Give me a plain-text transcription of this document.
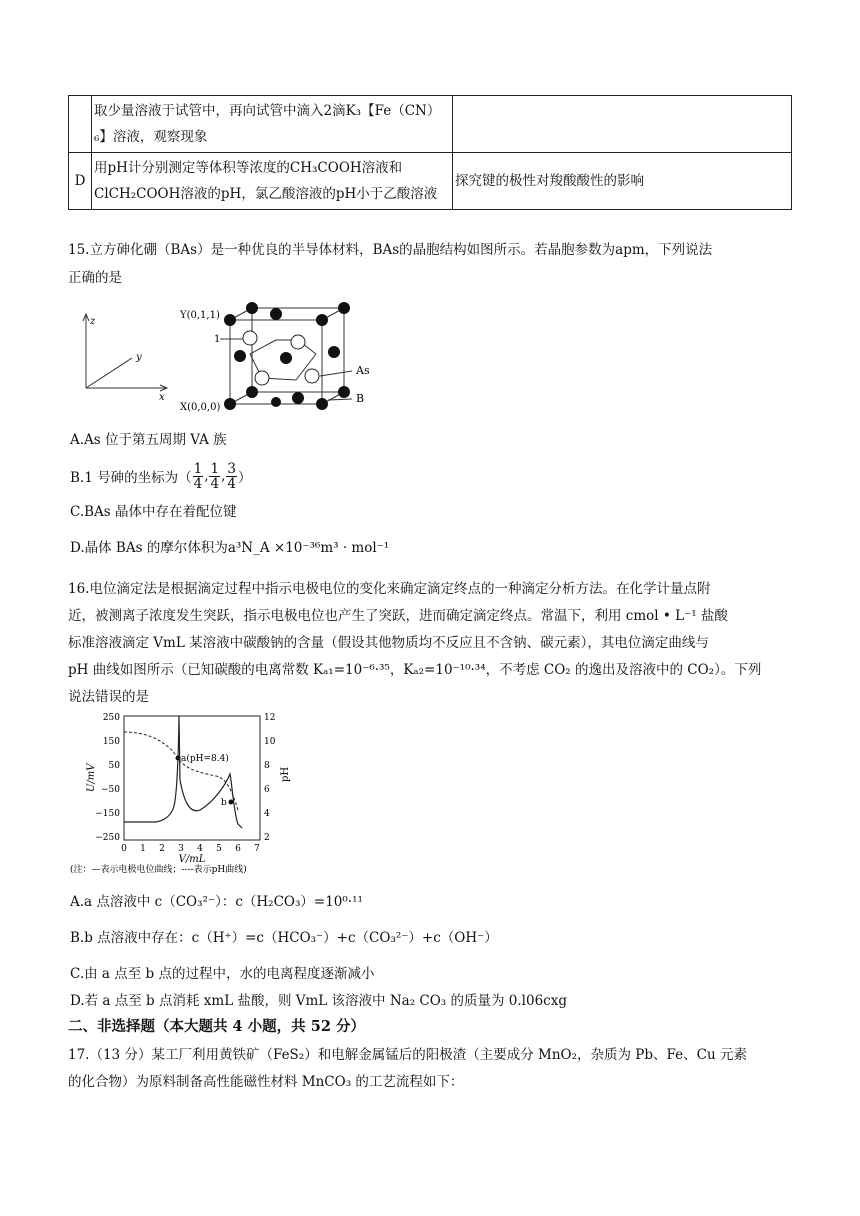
	取少量溶液于试管中，再向试管中滴入2滴K₃【Fe（CN）₆】溶液，观察现象	
D	用pH计分别测定等体积等浓度的CH₃COOH溶液和ClCH₂COOH溶液的pH，氯乙酸溶液的pH小于乙酸溶液	探究键的极性对羧酸酸性的影响

15.立方砷化硼（BAs）是一种优良的半导体材料，BAs的晶胞结构如图所示。若晶胞参数为apm，下列说法

正确的是

z
y
x
Y(0,1,1)
1
X(0,0,0)
As
B

A.As 位于第五周期 VA 族

B.1 号砷的坐标为（ $\frac{1}{4}$ , $\frac{1}{4}$ , $\frac{3}{4}$ ）

C.BAs 晶体中存在着配位键

D.晶体 BAs 的摩尔体积为a³N_A ×10⁻³⁶m³ · mol⁻¹

16.电位滴定法是根据滴定过程中指示电极电位的变化来确定滴定终点的一种滴定分析方法。在化学计量点附

近，被测离子浓度发生突跃，指示电极电位也产生了突跃，进而确定滴定终点。常温下，利用 cmol • L⁻¹ 盐酸

标准溶液滴定 VmL 某溶液中碳酸钠的含量（假设其他物质均不反应且不含钠、碳元素），其电位滴定曲线与

pH 曲线如图所示（已知碳酸的电离常数 Kₐ₁=10⁻⁶·³⁵，Kₐ₂=10⁻¹⁰·³⁴，不考虑 CO₂ 的逸出及溶液中的 CO₂）。下列

说法错误的是

250
150
50
−50
−150
−250
12
10
8
6
4
2
0 1 2 3 4 5 6 7
U/mV	pH
V/mL
a(pH=8.4)
b
(注：—表示电极电位曲线；----表示pH曲线)

A.a 点溶液中 c（CO₃²⁻）：c（H₂CO₃）=10⁰·¹¹

B.b 点溶液中存在：c（H⁺）=c（HCO₃⁻）+c（CO₃²⁻）+c（OH⁻）

C.由 a 点至 b 点的过程中，水的电离程度逐渐减小

D.若 a 点至 b 点消耗 xmL 盐酸，则 VmL 该溶液中 Na₂ CO₃ 的质量为 0.l06cxg

二、非选择题（本大题共 4 小题，共 52 分）

17.（13 分）某工厂利用黄铁矿（FeS₂）和电解金属锰后的阳极渣（主要成分 MnO₂，杂质为 Pb、Fe、Cu 元素

的化合物）为原料制备高性能磁性材料 MnCO₃ 的工艺流程如下：
